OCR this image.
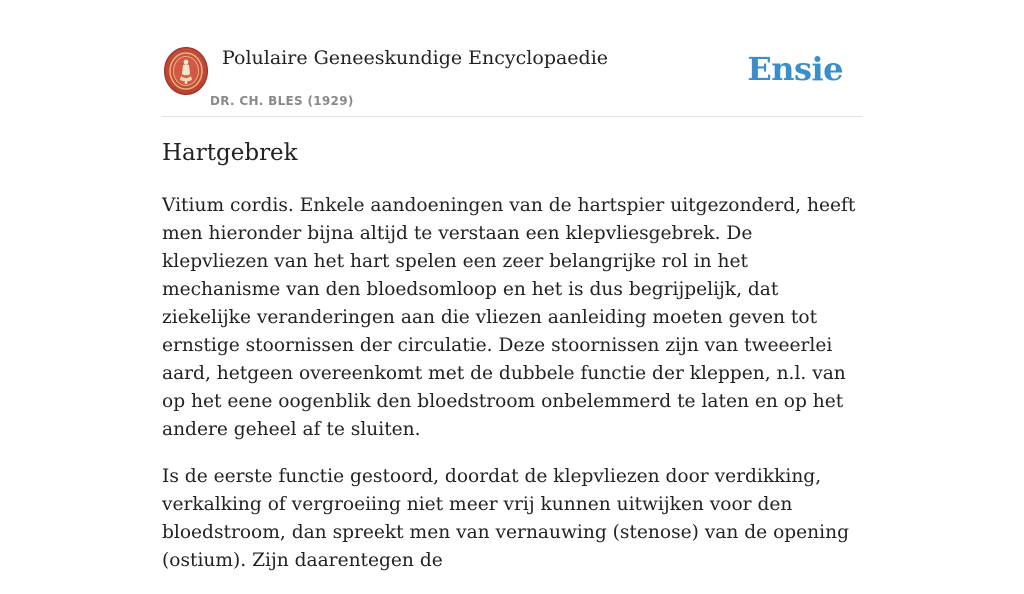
Polulaire Geneeskundige Encyclopaedie
DR. CH. BLES (1929)
Ensie
Hartgebrek

Vitium cordis. Enkele aandoeningen van de hartspier uitgezonderd, heeft men hieronder bijna altijd te verstaan een klepvliesgebrek. De klepvliezen van het hart spelen een zeer belangrijke rol in het mechanisme van den bloedsomloop en het is dus begrijpelijk, dat ziekelijke veranderingen aan die vliezen aanleiding moeten geven tot ernstige stoornissen der circulatie. Deze stoornissen zijn van tweeerlei aard, hetgeen overeenkomt met de dubbele functie der kleppen, n.l. van op het eene oogenblik den bloedstroom onbelemmerd te laten en op het andere geheel af te sluiten.

Is de eerste functie gestoord, doordat de klepvliezen door verdikking, verkalking of vergroeiing niet meer vrij kunnen uitwijken voor den bloedstroom, dan spreekt men van vernauwing (stenose) van de opening (ostium). Zijn daarentegen de
